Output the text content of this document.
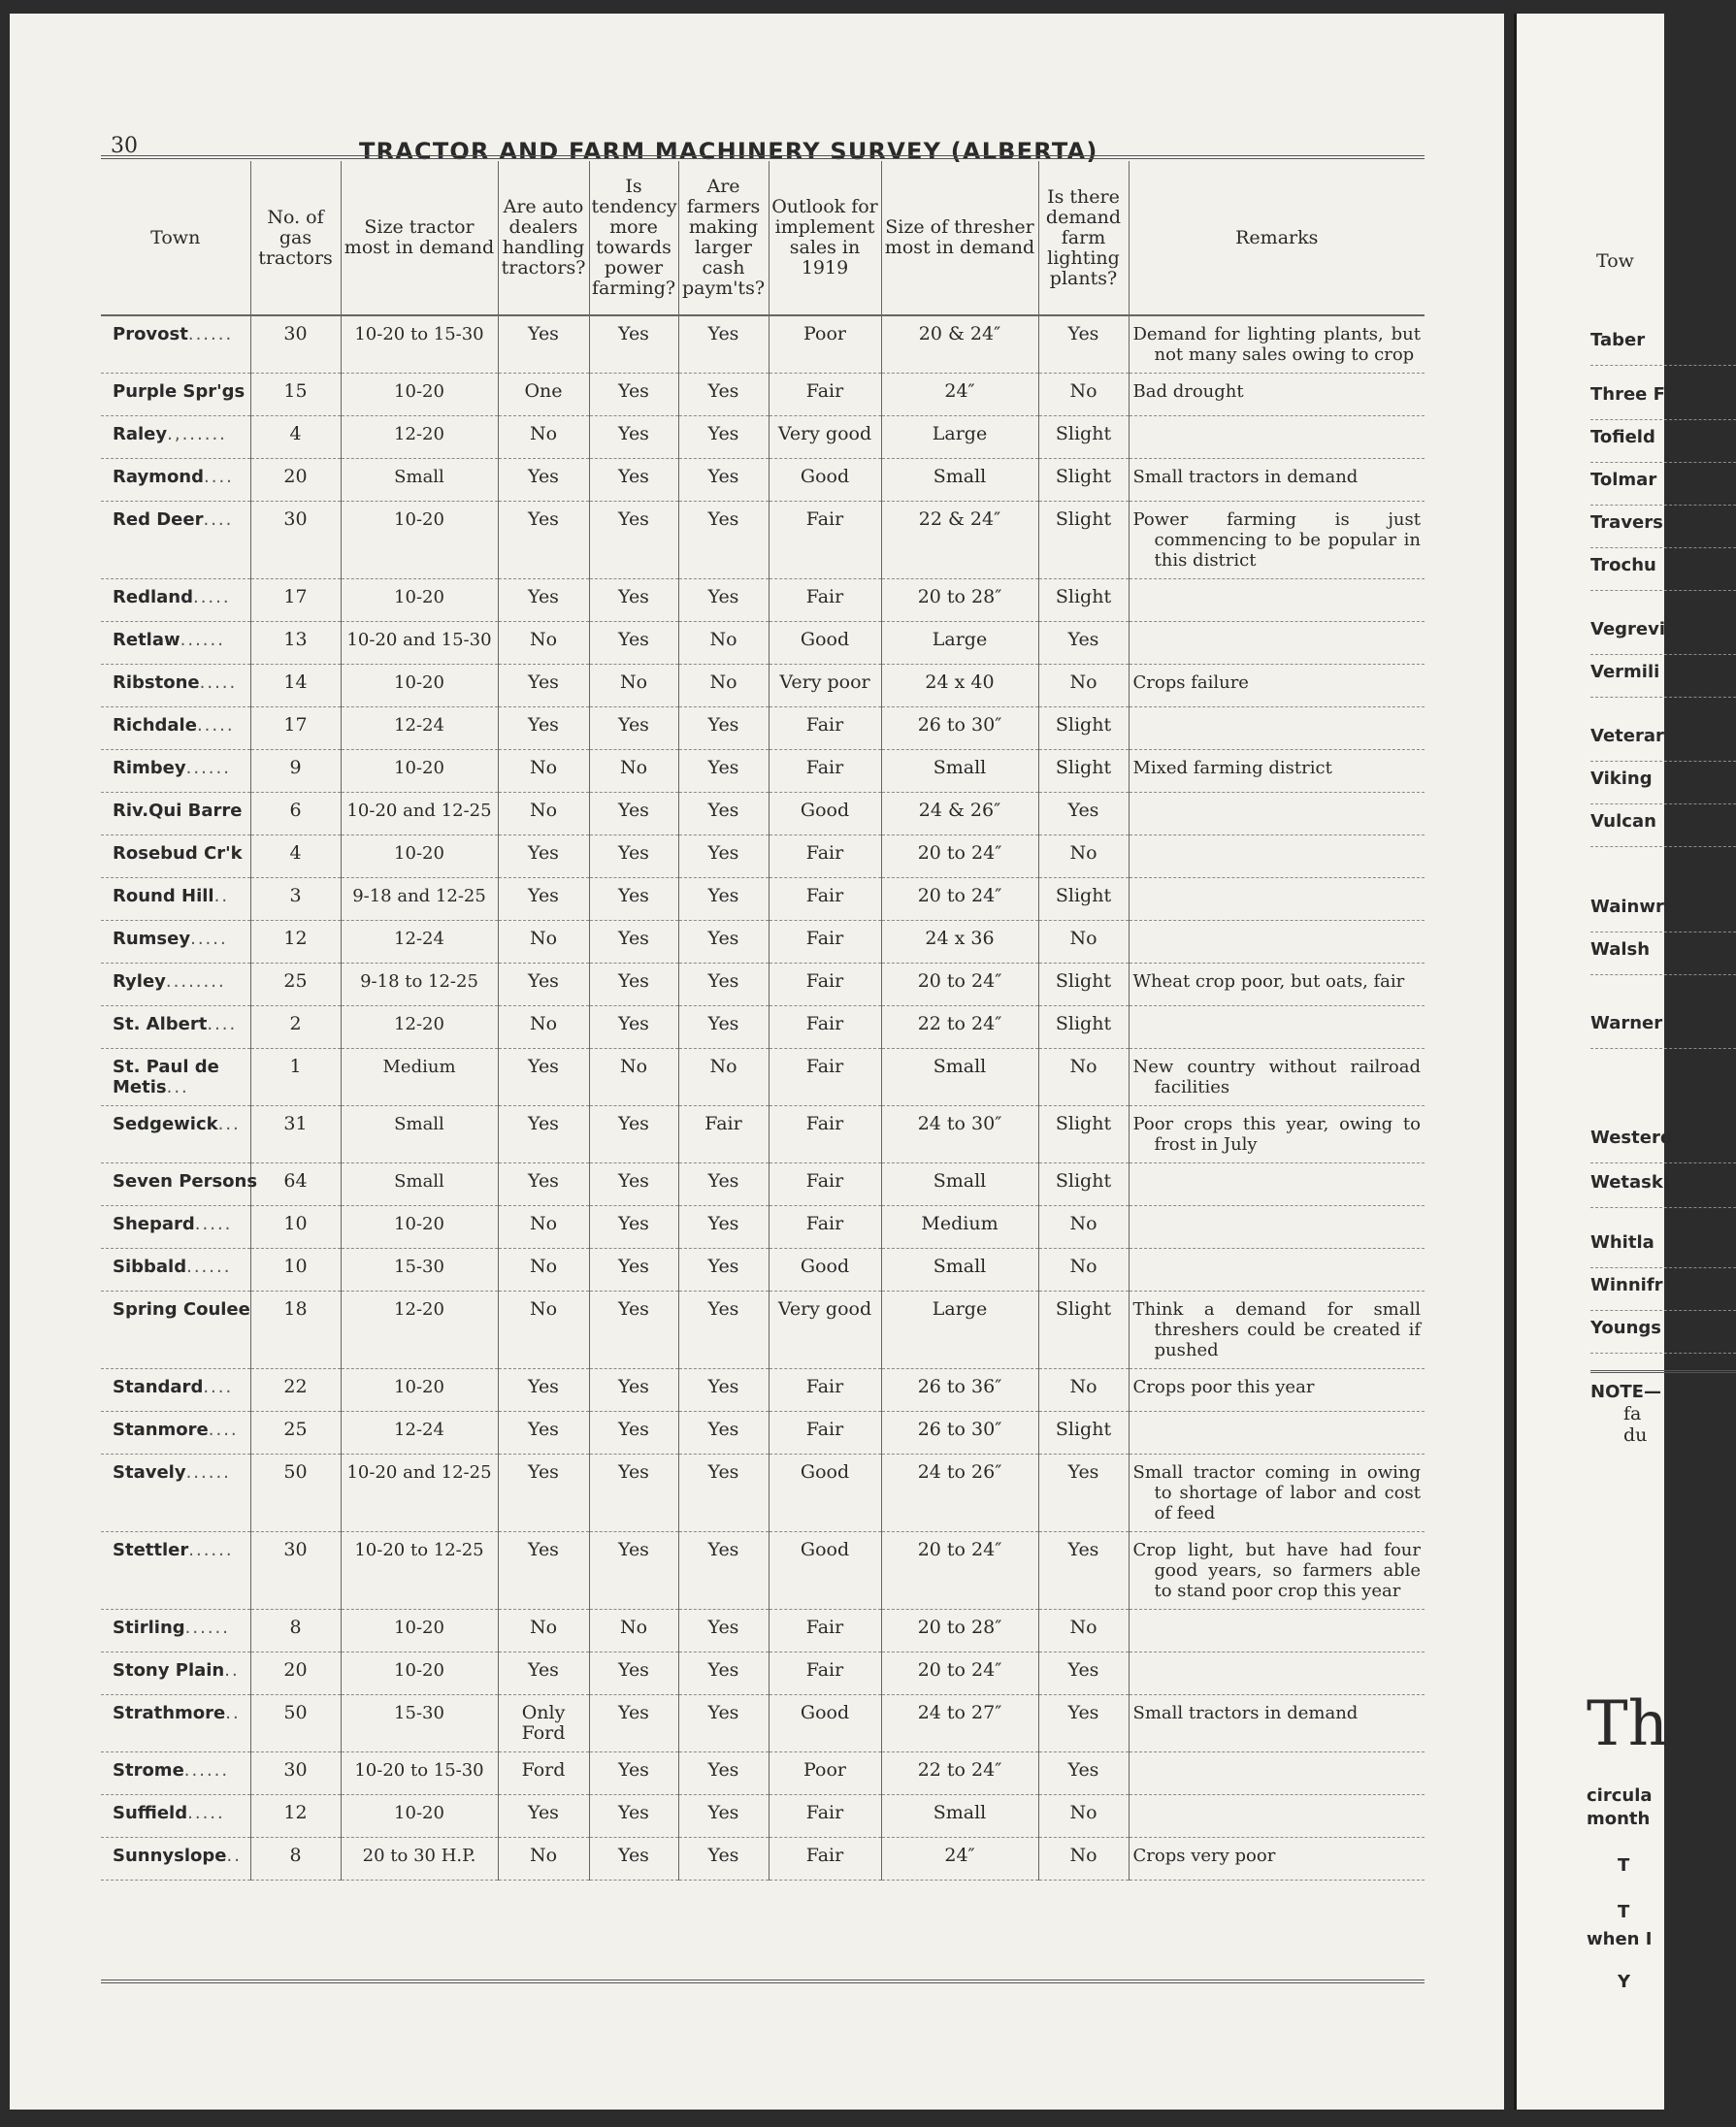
30	TRACTOR AND FARM MACHINERY SURVEY (ALBERTA)
Town	No. of gas tractors	Size tractor most in demand	Are auto dealers handling tractors?	Is tendency more towards power farming?	Are farmers making larger cash paym'ts?	Outlook for implement sales in 1919	Size of thresher most in demand	Is there demand farm lighting plants?	Remarks
Provost......	30	10-20 to 15-30	Yes	Yes	Yes	Poor	20 & 24″	Yes	Demand for lighting plants, but not many sales owing to crop

Purple Spr'gs	15	10-20	One	Yes	Yes	Fair	24″	No	Bad drought

Raley.,......	4	12-20	No	Yes	Yes	Very good	Large	Slight	

Raymond....	20	Small	Yes	Yes	Yes	Good	Small	Slight	Small tractors in demand

Red Deer....	30	10-20	Yes	Yes	Yes	Fair	22 & 24″	Slight	Power farming is just commencing to be popular in this district

Redland.....	17	10-20	Yes	Yes	Yes	Fair	20 to 28″	Slight	

Retlaw......	13	10-20 and 15-30	No	Yes	No	Good	Large	Yes	

Ribstone.....	14	10-20	Yes	No	No	Very poor	24 x 40	No	Crops failure

Richdale.....	17	12-24	Yes	Yes	Yes	Fair	26 to 30″	Slight	

Rimbey......	9	10-20	No	No	Yes	Fair	Small	Slight	Mixed farming district

Riv.Qui Barre	6	10-20 and 12-25	No	Yes	Yes	Good	24 & 26″	Yes	

Rosebud Cr'k	4	10-20	Yes	Yes	Yes	Fair	20 to 24″	No	

Round Hill..	3	9-18 and 12-25	Yes	Yes	Yes	Fair	20 to 24″	Slight	

Rumsey.....	12	12-24	No	Yes	Yes	Fair	24 x 36	No	

Ryley........	25	9-18 to 12-25	Yes	Yes	Yes	Fair	20 to 24″	Slight	Wheat crop poor, but oats, fair

St. Albert....	2	12-20	No	Yes	Yes	Fair	22 to 24″	Slight	

St. Paul de Metis...	1	Medium	Yes	No	No	Fair	Small	No	New country without railroad facilities

Sedgewick...	31	Small	Yes	Yes	Fair	Fair	24 to 30″	Slight	Poor crops this year, owing to frost in July

Seven Persons	64	Small	Yes	Yes	Yes	Fair	Small	Slight	

Shepard.....	10	10-20	No	Yes	Yes	Fair	Medium	No	

Sibbald......	10	15-30	No	Yes	Yes	Good	Small	No	

Spring Coulee	18	12-20	No	Yes	Yes	Very good	Large	Slight	Think a demand for small threshers could be created if pushed

Standard....	22	10-20	Yes	Yes	Yes	Fair	26 to 36″	No	Crops poor this year

Stanmore....	25	12-24	Yes	Yes	Yes	Fair	26 to 30″	Slight	

Stavely......	50	10-20 and 12-25	Yes	Yes	Yes	Good	24 to 26″	Yes	Small tractor coming in owing to shortage of labor and cost of feed

Stettler......	30	10-20 to 12-25	Yes	Yes	Yes	Good	20 to 24″	Yes	Crop light, but have had four good years, so farmers able to stand poor crop this year

Stirling......	8	10-20	No	No	Yes	Fair	20 to 28″	No	

Stony Plain..	20	10-20	Yes	Yes	Yes	Fair	20 to 24″	Yes	

Strathmore..	50	15-30	Only Ford	Yes	Yes	Good	24 to 27″	Yes	Small tractors in demand

Strome......	30	10-20 to 15-30	Ford	Yes	Yes	Poor	22 to 24″	Yes	

Suffield.....	12	10-20	Yes	Yes	Yes	Fair	Small	No	

Sunnyslope..	8	20 to 30 H.P.	No	Yes	Yes	Fair	24″	No	Crops very poor
Tow
Taber
Three F
Tofield
Tolmar
Travers
Trochu
Vegrevi
Vermili
Veterar
Viking
Vulcan
Wainwr
Walsh
Warner
Westerd
Wetaski
Whitla
Winnifr
Youngs
NOTE—
fa
du
Th
circula
month
T
T
when I
Y
